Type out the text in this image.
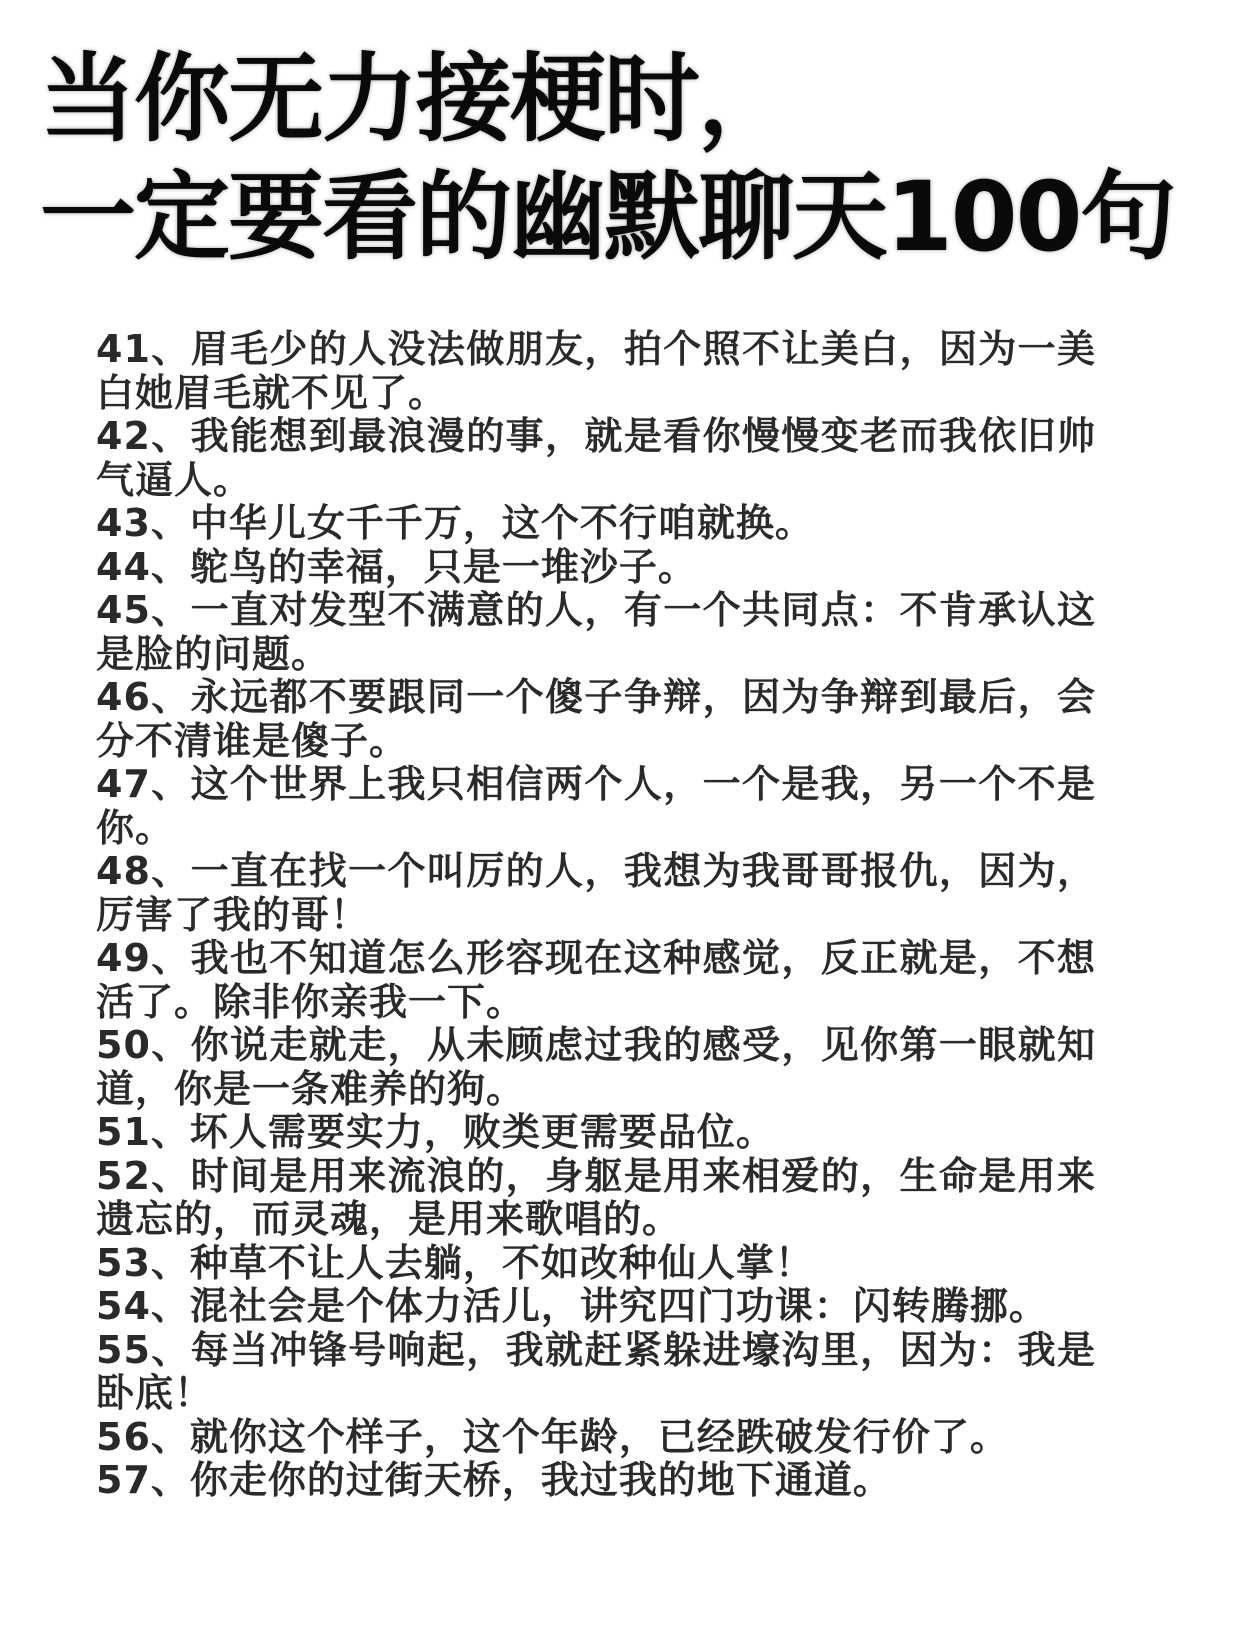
当你无力接梗时，
一定要看的幽默聊天100句
41、眉毛少的人没法做朋友，拍个照不让美白，因为一美白她眉毛就不见了。
42、我能想到最浪漫的事，就是看你慢慢变老而我依旧帅气逼人。
43、中华儿女千千万，这个不行咱就换。
44、鸵鸟的幸福，只是一堆沙子。
45、一直对发型不满意的人，有一个共同点：不肯承认这是脸的问题。
46、永远都不要跟同一个傻子争辩，因为争辩到最后，会分不清谁是傻子。
47、这个世界上我只相信两个人，一个是我，另一个不是你。
48、一直在找一个叫厉的人，我想为我哥哥报仇，因为，厉害了我的哥！
49、我也不知道怎么形容现在这种感觉，反正就是，不想活了。除非你亲我一下。
50、你说走就走，从未顾虑过我的感受，见你第一眼就知道，你是一条难养的狗。
51、坏人需要实力，败类更需要品位。
52、时间是用来流浪的，身躯是用来相爱的，生命是用来遗忘的，而灵魂，是用来歌唱的。
53、种草不让人去躺，不如改种仙人掌！
54、混社会是个体力活儿，讲究四门功课：闪转腾挪。
55、每当冲锋号响起，我就赶紧躲进壕沟里，因为：我是卧底！
56、就你这个样子，这个年龄，已经跌破发行价了。
57、你走你的过街天桥，我过我的地下通道。
